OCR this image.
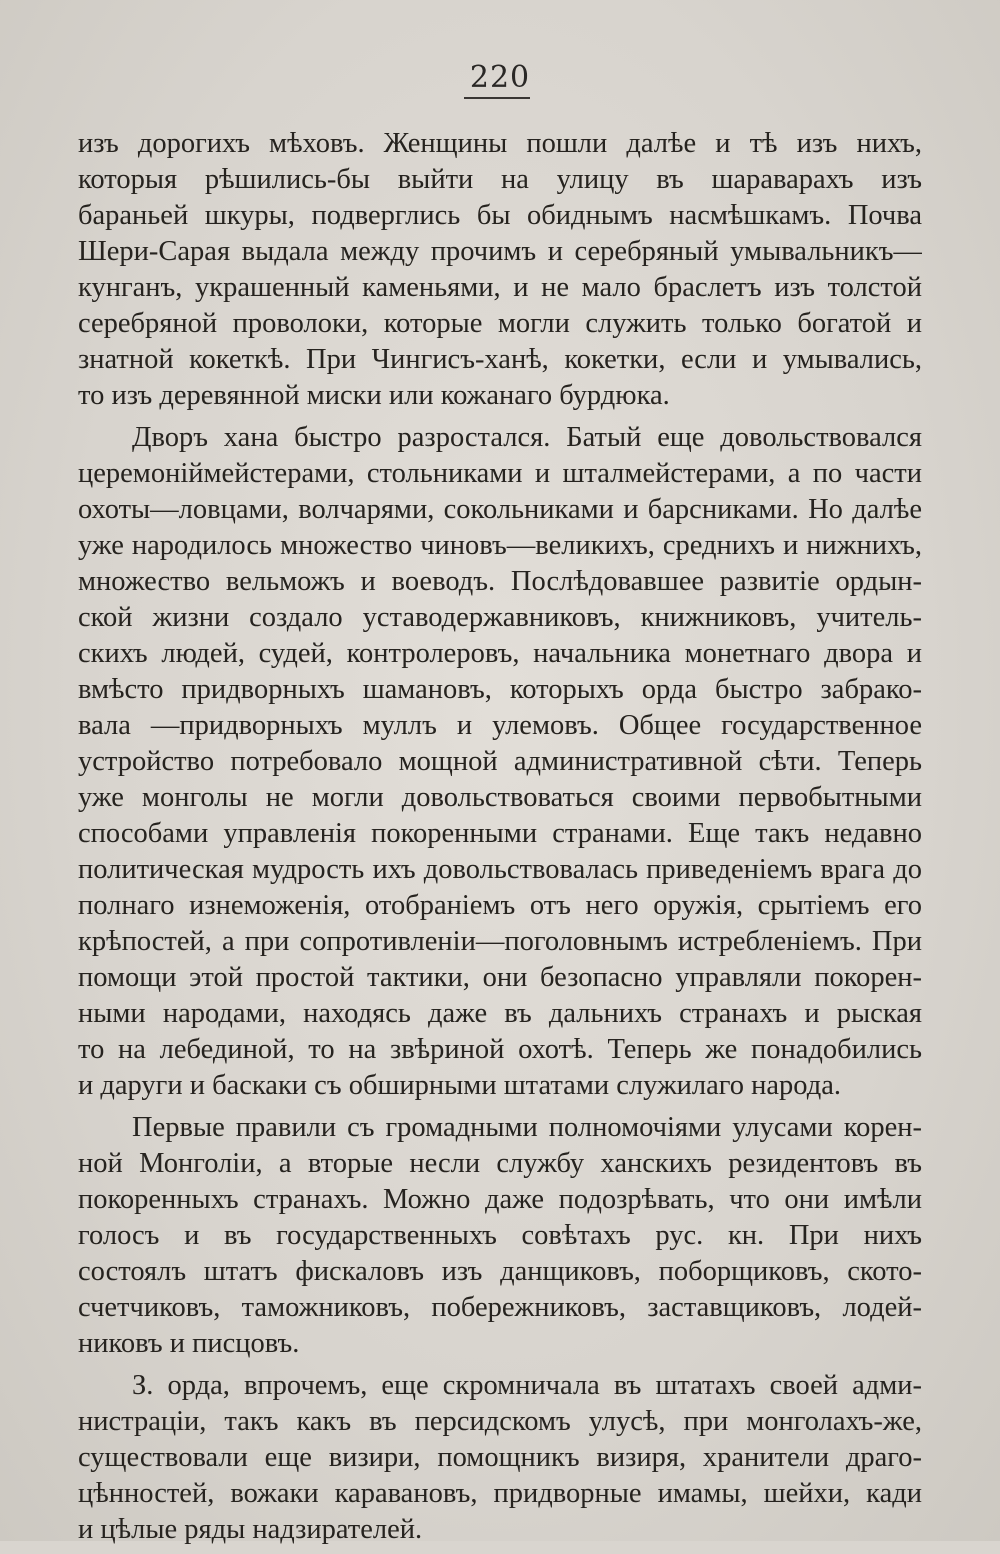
220
изъ дорогихъ мѣховъ. Женщины пошли далѣе и тѣ изъ нихъ,
которыя рѣшились-бы выйти на улицу въ шараварахъ изъ
бараньей шкуры, подверглись бы обиднымъ насмѣшкамъ. Почва
Шери-Сарая выдала между прочимъ и серебряный умывальникъ—
кунганъ, украшенный каменьями, и не мало браслетъ изъ толстой
серебряной проволоки, которые могли служить только богатой и
знатной кокеткѣ. При Чингисъ-ханѣ, кокетки, если и умывались,
то изъ деревянной миски или кожанаго бурдюка.
Дворъ хана быстро разростался. Батый еще довольствовался
церемонiймейстерами, стольниками и шталмейстерами, а по части
охоты—ловцами, волчарями, сокольниками и барсниками. Но далѣе
уже народилось множество чиновъ—великихъ, среднихъ и нижнихъ,
множество вельможъ и воеводъ. Послѣдовавшее развитiе ордын-
ской жизни создало уставодержавниковъ, книжниковъ, учитель-
скихъ людей, судей, контролеровъ, начальника монетнаго двора и
вмѣсто придворныхъ шамановъ, которыхъ орда быстро забрако-
вала —придворныхъ муллъ и улемовъ. Общее государственное
устройство потребовало мощной административной сѣти. Теперь
уже монголы не могли довольствоваться своими первобытными
способами управленiя покоренными странами. Еще такъ недавно
политическая мудрость ихъ довольствовалась приведенiемъ врага до
полнаго изнеможенiя, отобранiемъ отъ него оружiя, срытiемъ его
крѣпостей, а при сопротивленiи—поголовнымъ истребленiемъ. При
помощи этой простой тактики, они безопасно управляли покорен-
ными народами, находясь даже въ дальнихъ странахъ и рыская
то на лебединой, то на звѣриной охотѣ. Теперь же понадобились
и даруги и баскаки съ обширными штатами служилаго народа.
Первые правили съ громадными полномочiями улусами корен-
ной Монголiи, а вторые несли службу ханскихъ резидентовъ въ
покоренныхъ странахъ. Можно даже подозрѣвать, что они имѣли
голосъ и въ государственныхъ совѣтахъ рус. кн. При нихъ
состоялъ штатъ фискаловъ изъ данщиковъ, поборщиковъ, ското-
счетчиковъ, таможниковъ, побережниковъ, заставщиковъ, лодей-
никовъ и писцовъ.
З. орда, впрочемъ, еще скромничала въ штатахъ своей адми-
нистрацiи, такъ какъ въ персидскомъ улусѣ, при монголахъ-же,
существовали еще визири, помощникъ визиря, хранители драго-
цѣнностей, вожаки каравановъ, придворные имамы, шейхи, кади
и цѣлые ряды надзирателей.
